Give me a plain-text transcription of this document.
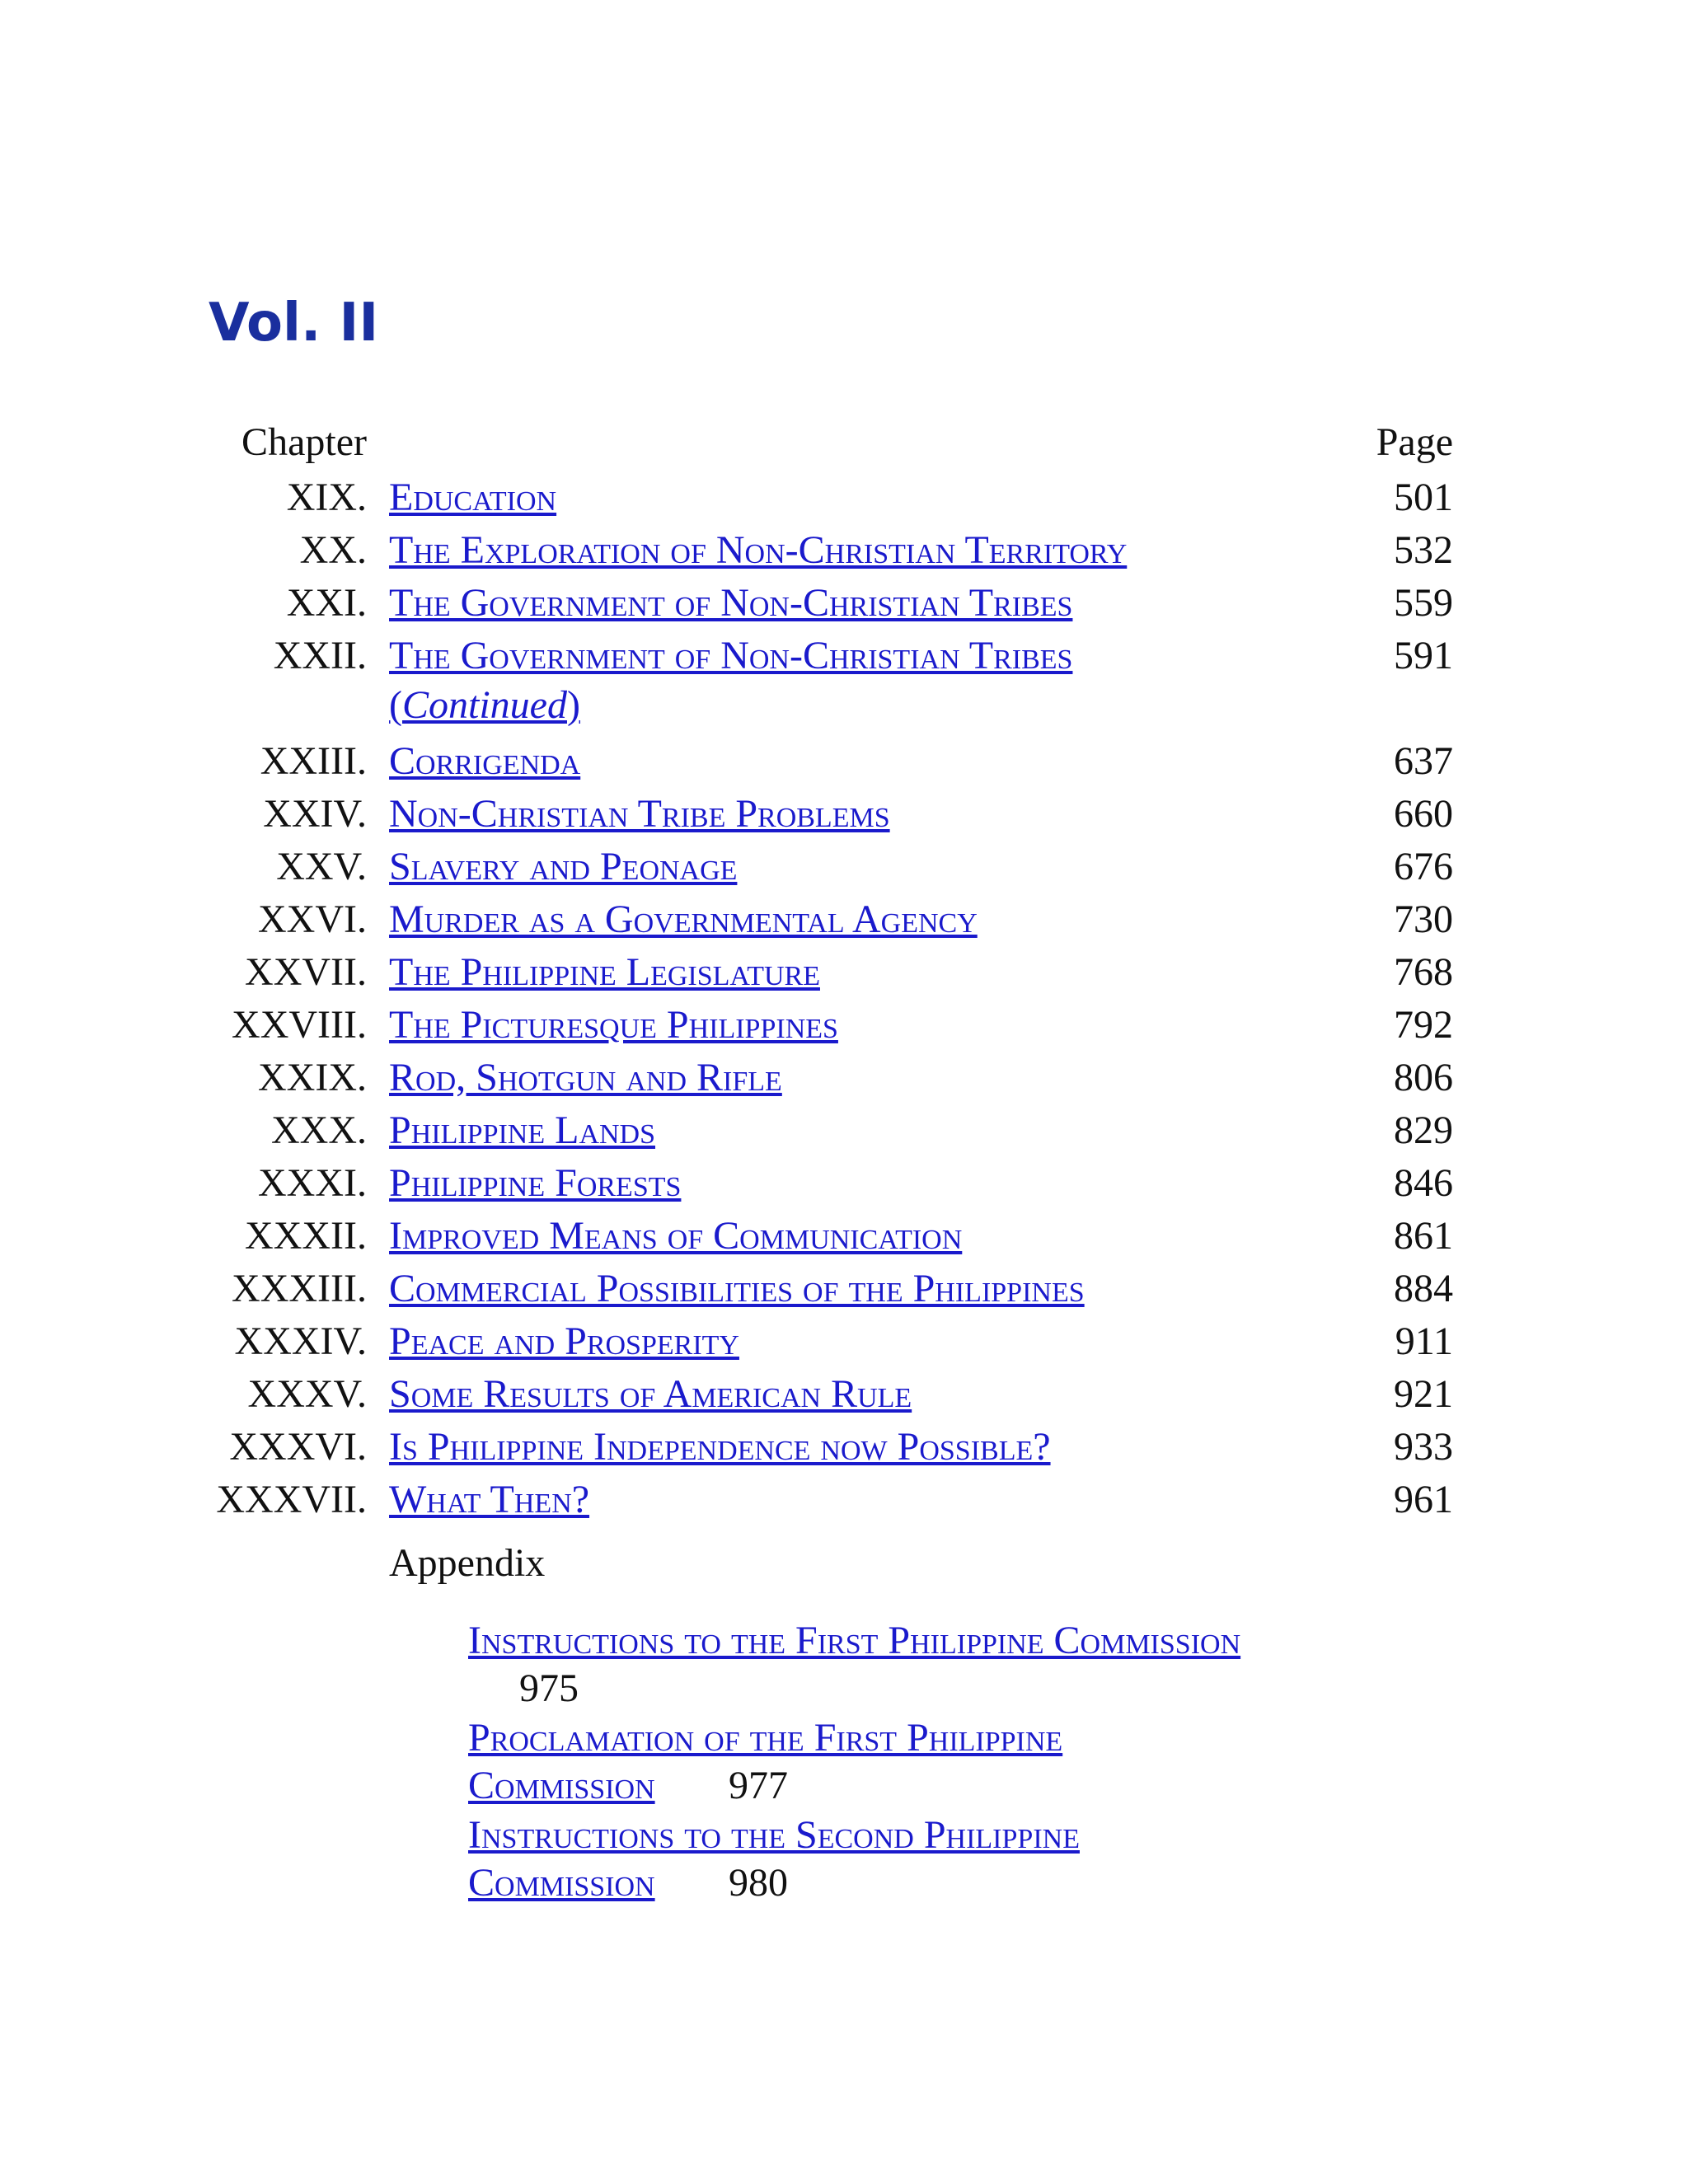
Vol. II
Chapter	Page
XIX. Education	501
XX. The Exploration of Non-Christian Territory	532
XXI. The Government of Non-Christian Tribes	559
XXII. The Government of Non-Christian Tribes	591
(Continued)
XXIII. Corrigenda	637
XXIV. Non-Christian Tribe Problems	660
XXV. Slavery and Peonage	676
XXVI. Murder as a Governmental Agency	730
XXVII. The Philippine Legislature	768
XXVIII. The Picturesque Philippines	792
XXIX. Rod, Shotgun and Rifle	806
XXX. Philippine Lands	829
XXXI. Philippine Forests	846
XXXII. Improved Means of Communication	861
XXXIII. Commercial Possibilities of the Philippines	884
XXXIV. Peace and Prosperity	911
XXXV. Some Results of American Rule	921
XXXVI. Is Philippine Independence now Possible?	933
XXXVII. What Then?	961
Appendix
Instructions to the First Philippine Commission
975
Proclamation of the First Philippine
Commission 977
Instructions to the Second Philippine
Commission 980
